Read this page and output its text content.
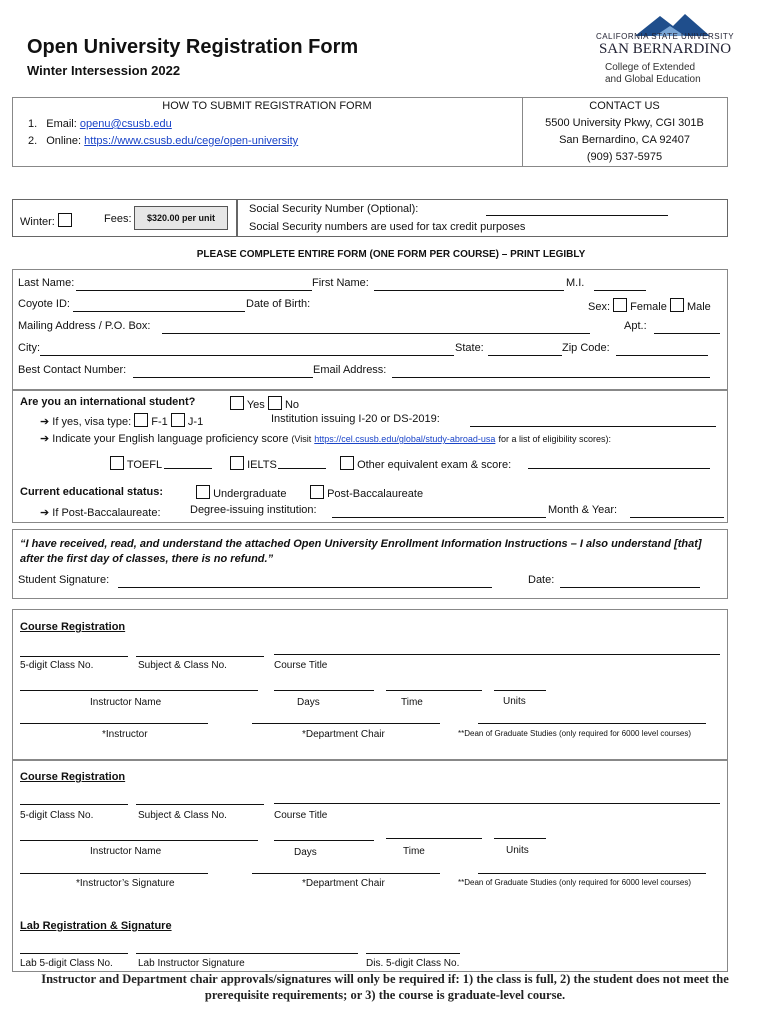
Open University Registration Form
Winter Intersession 2022
CALIFORNIA STATE UNIVERSITY
SAN BERNARDINO
College of Extended
and Global Education
HOW TO SUBMIT REGISTRATION FORM
1. Email: openu@csusb.edu
2. Online: https://www.csusb.edu/cege/open-university
CONTACT US
5500 University Pkwy, CGI 301B
San Bernardino, CA 92407
(909) 537-5975
Winter:	Fees:	$320.00 per unit
Social Security Number (Optional):
Social Security numbers are used for tax credit purposes
PLEASE COMPLETE ENTIRE FORM (ONE FORM PER COURSE) – PRINT LEGIBLY
Last Name:	First Name:	M.I.
Coyote ID:	Date of Birth:	Sex: Female Male
Mailing Address / P.O. Box:	Apt.:
City:	State:	Zip Code:
Best Contact Number:	Email Address:
Are you an international student?	Yes No
➔ If yes, visa type: F-1 J-1	Institution issuing I-20 or DS-2019:
➔ Indicate your English language proficiency score (Visit https://cel.csusb.edu/global/study-abroad-usa for a list of eligibility scores):
TOEFL	IELTS	Other equivalent exam & score:
Current educational status:	Undergraduate	Post-Baccalaureate
➔ If Post-Baccalaureate:	Degree-issuing institution:	Month & Year:
“I have received, read, and understand the attached Open University Enrollment Information Instructions – I also understand [that] after the first day of classes, there is no refund.”
Student Signature:	Date:
Course Registration
5-digit Class No.	Subject & Class No.	Course Title
Instructor Name	Days	Time	Units
*Instructor	*Department Chair	**Dean of Graduate Studies (only required for 6000 level courses)
Course Registration
5-digit Class No.	Subject & Class No.	Course Title
Instructor Name	Days	Time	Units
*Instructor’s Signature	*Department Chair	**Dean of Graduate Studies (only required for 6000 level courses)
Lab Registration & Signature
Lab 5-digit Class No.	Lab Instructor Signature	Dis. 5-digit Class No.
Instructor and Department chair approvals/signatures will only be required if: 1) the class is full, 2) the student does not meet the prerequisite requirements; or 3) the course is graduate-level course.
